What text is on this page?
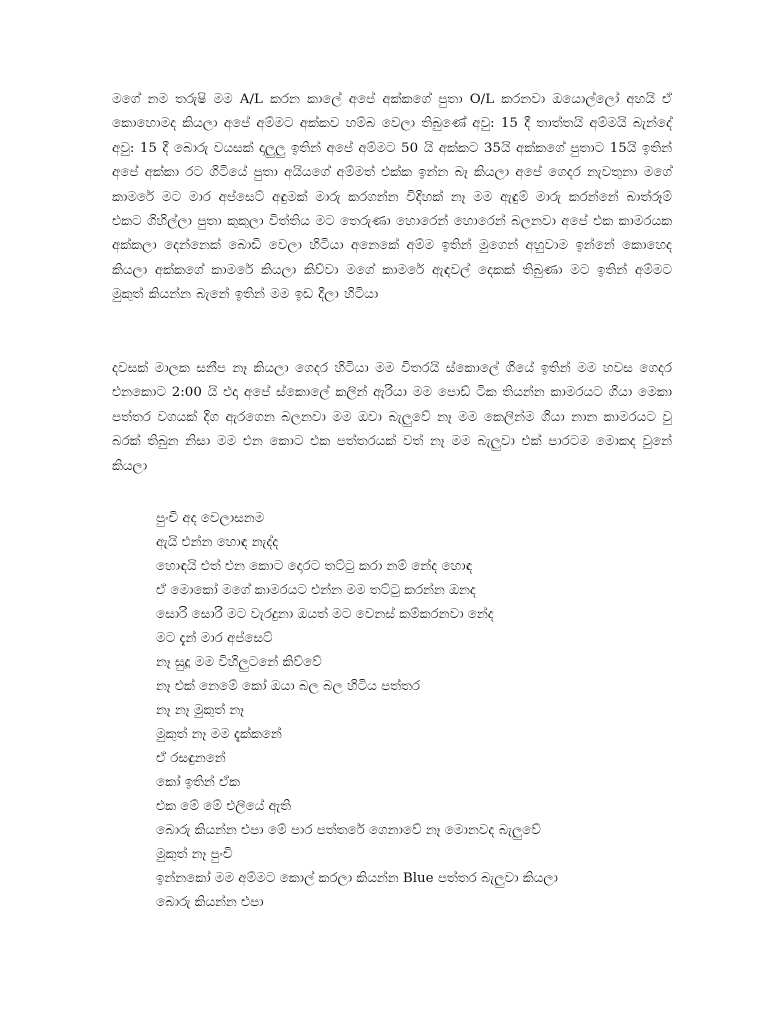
මගේ නම තරුෂි මම A/L කරන කාලේ අපේ අක්කගේ පුතා O/L කරනවා ඔයොල්ලෝ අහයි ඒ කොහොමද කියලා අපේ අම්මට අක්කව හම්බ වෙලා තිබුණේ අවු: 15 දී තාත්තයි අම්මයි බැන්දේ අවු: 15 දී බොරු වයසක් දාලුලු ඉතින් අපේ අම්මට 50 යි අක්කට 35යි අක්කගේ පුතාට 15යි ඉතින් අපේ අක්කා රට ගිටියේ පුතා අයියගේ අම්මත් එක්ක ඉන්න බෑ කියලා අපේ ගෙදර නැවතුනා මගේ කාමරේ මට මාර අප්සෙට් අඳුමක් මාරු කරගන්න විදිහක් නෑ මම ඇඳුම් මාරු කරන්නේ බාත්රූම් එකට ගිහිල්ලා පුතා කුකුලා විත්තිය මට තෙරුණා හොරෙන් හොරෙන් බලනවා අපේ එක කාමරයක අක්කලා දෙන්නෙක් බොඩි වෙලා හිටියා අනෙකේ අම්ම ඉතින් මුගෙන් අහුවාම ඉන්නේ කොහෙද කියලා අක්කගේ කාමරේ කියලා කිව්වා මගේ කාමරේ ඇඳවල් දෙකක් තිබුණා මට ඉතින් අම්මට මුකුත් කියන්න බැනේ ඉතින් මම ඉඩ දීලා හිටියා

දවසක් මාලක සනීප නෑ කියලා ගෙදර හිටියා මම විතරයි ස්කොලේ ගියේ ඉතින් මම හවස ගෙදර එනකොට 2:00 යි එදා අපේ ස්කොලේ කලින් ඇරියා මම පොඩ් ටික තියන්න කාමරයට ගියා මෙකා පත්තර වගයක් දිග ඇරගෙන බලනවා මම ඔවා බැලුවේ නෑ මම කෙලින්ම ගියා නාන කාමරයට වු බරක් තිබුන නිසා මම එන කොට එක පත්තරයක් වත් නෑ මම බැලුවා එක් පාරටම මොකද වුනේ කියලා

පුංචි අද වෙලාසනම
ඇයි එන්න හොඳ නැද්ද
හොඳයි එත් එන කොට දොරට තට්ටු කරා නම් නේද හොඳ
ඒ මොකෝ මගේ කාමරයට එන්න මම තට්ටු කරන්න ඔනද
සොරි සොරි මට වැරදුනා ඔයත් මට වෙනස් කම්කරනවා නේද
මට දැන් මාර අප්සෙට්
නෑ සුදූ මම විහිලුටනේ කිව්වේ
නෑ එක් නෙමේ කෝ ඔයා බල බල හිටිය පත්තර
නෑ නෑ මුකුත් නෑ
මුකුත් නෑ මම දැක්කනේ
ඒ රසඳුනනේ
කෝ ඉතින් ඒක
එක මේ මේ එලියේ ඇති
බොරු කියන්න එපා මේ පාර පත්තරේ ගෙනාවේ නෑ මොනවද බැලුවේ
මුකුත් නෑ පුංචි
ඉන්නකෝ මම අම්මට කොල් කරලා කියන්න Blue පත්තර බැලුවා කියලා
බොරු කියන්න එපා
